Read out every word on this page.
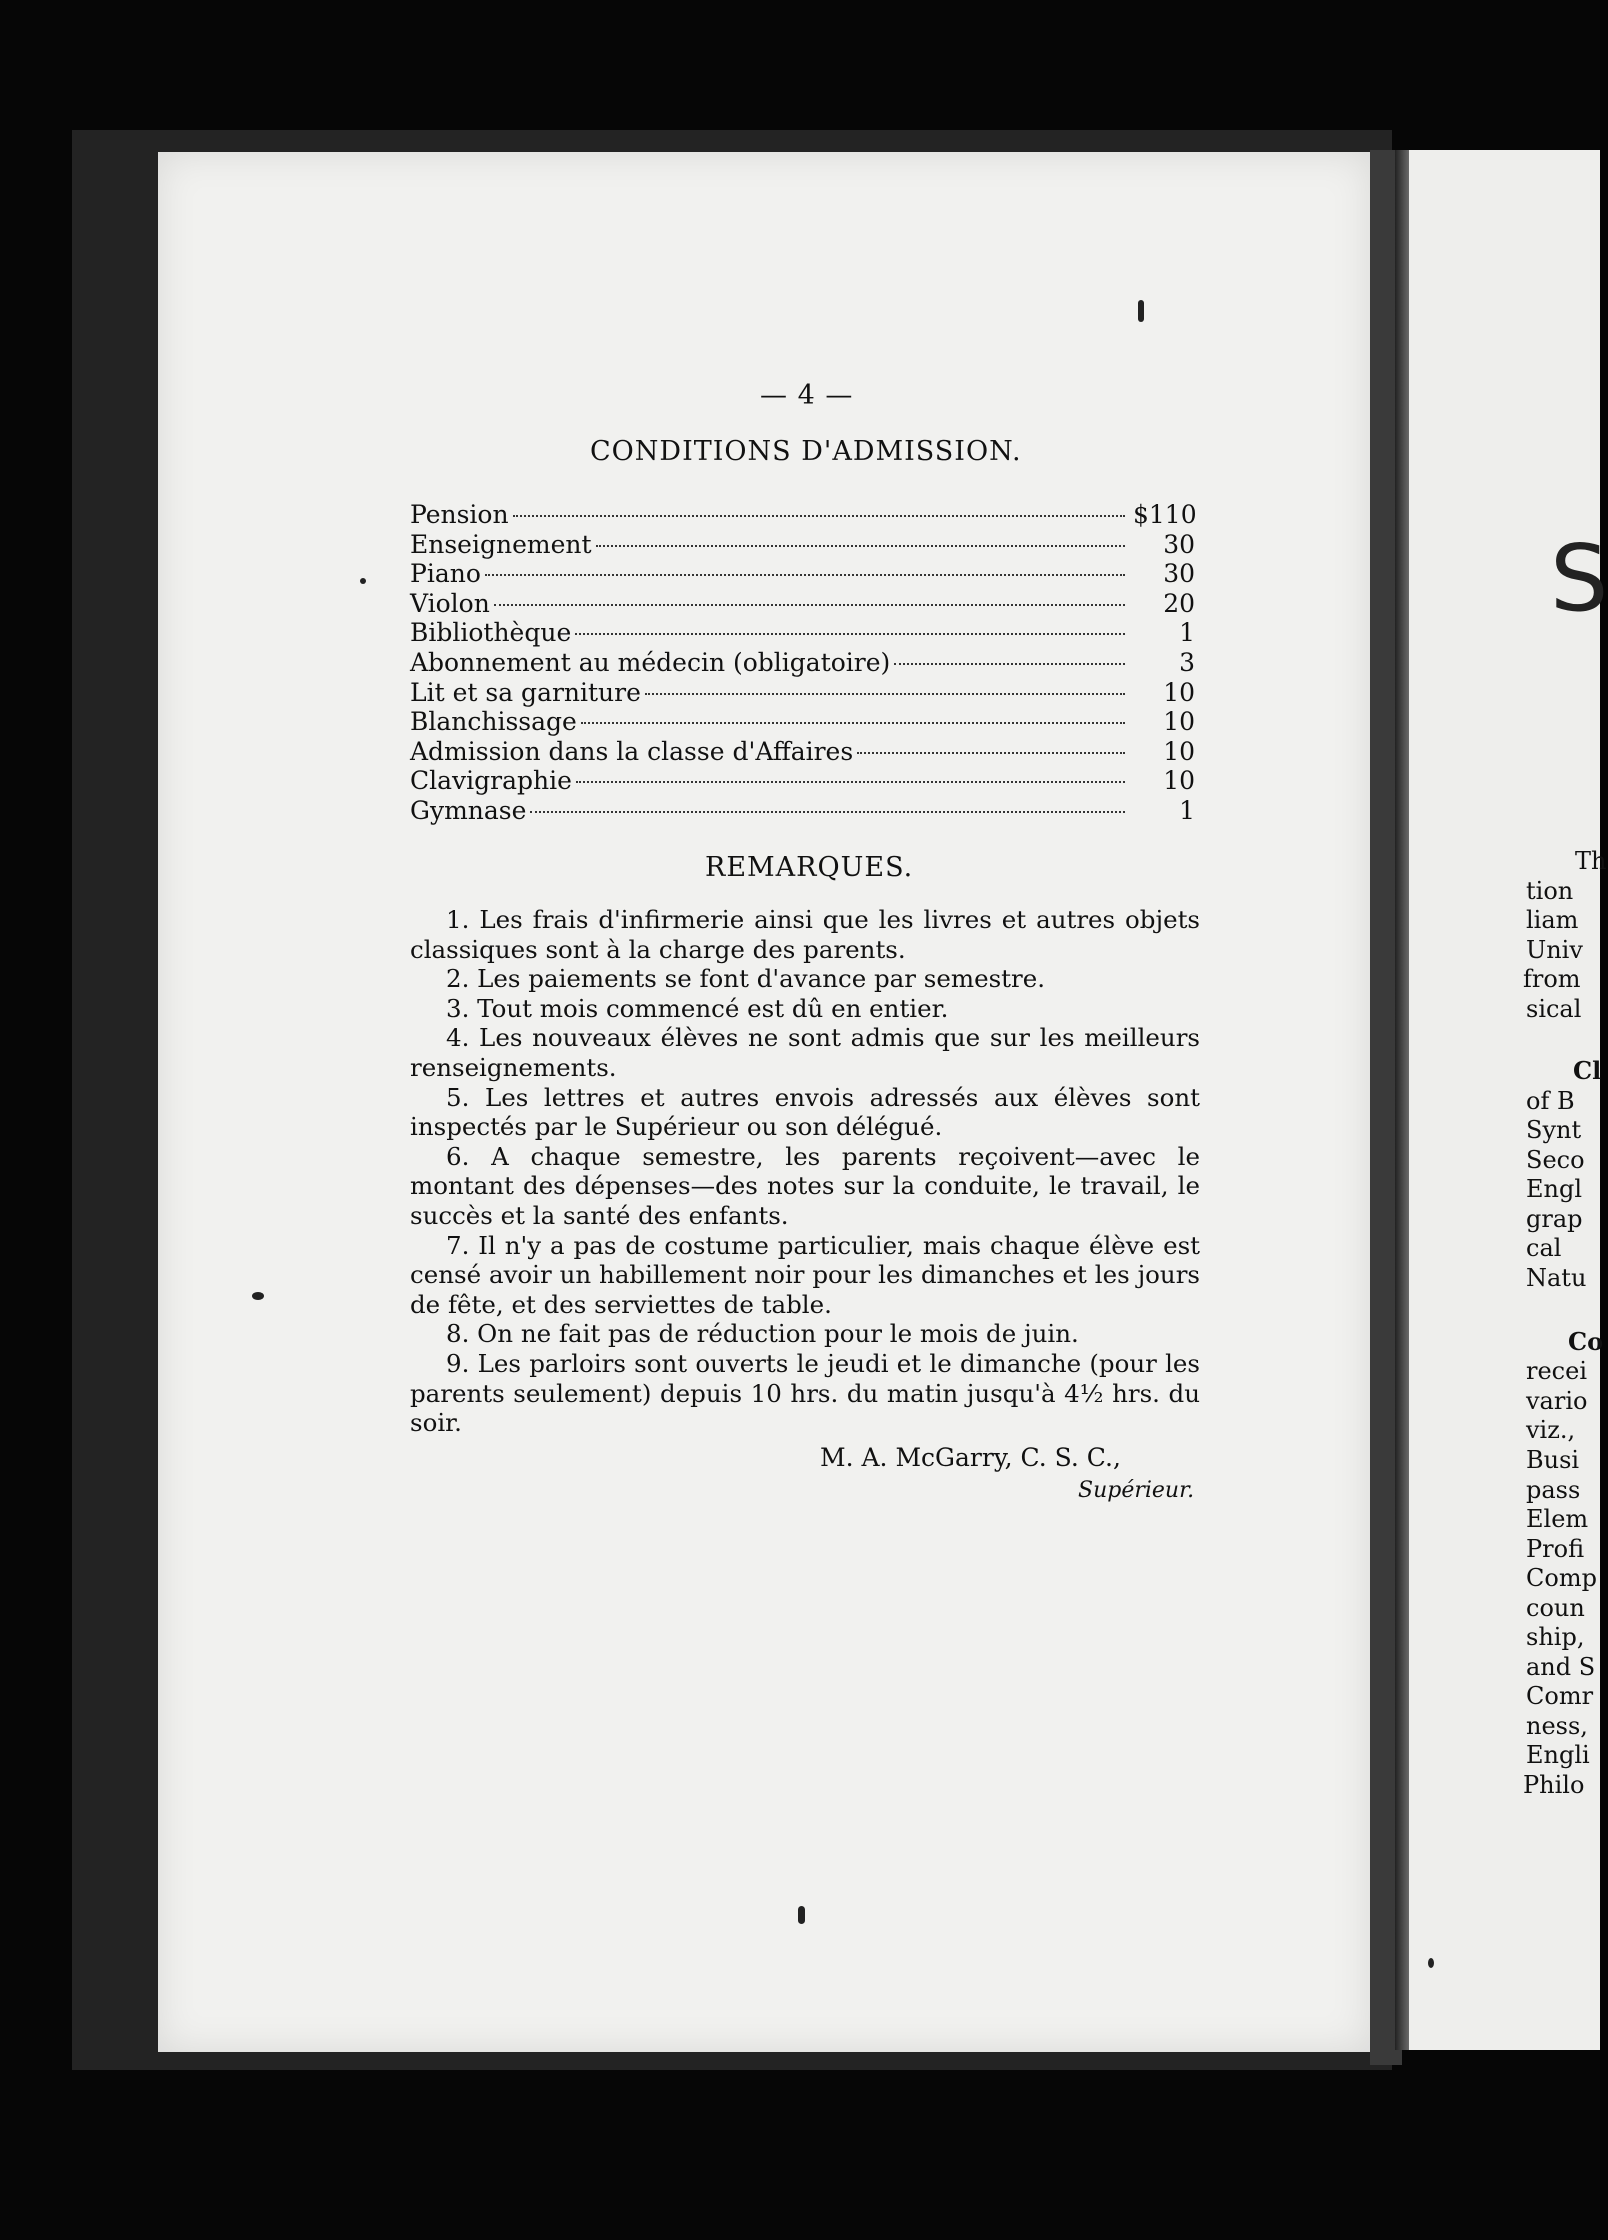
— 4 —
CONDITIONS D'ADMISSION.
Pension	$110
Enseignement	30
Piano	30
Violon	20
Bibliothèque	1
Abonnement au médecin (obligatoire)	3
Lit et sa garniture	10
Blanchissage	10
Admission dans la classe d'Affaires	10
Clavigraphie	10
Gymnase	1
REMARQUES.
1. Les frais d'infirmerie ainsi que les livres et autres objets classiques sont à la charge des parents.
2. Les paiements se font d'avance par semestre.
3. Tout mois commencé est dû en entier.
4. Les nouveaux élèves ne sont admis que sur les meilleurs renseignements.
5. Les lettres et autres envois adressés aux élèves sont inspectés par le Supérieur ou son délégué.
6. A chaque semestre, les parents reçoivent—avec le montant des dépenses—des notes sur la conduite, le travail, le succès et la santé des enfants.
7. Il n'y a pas de costume particulier, mais chaque élève est censé avoir un habillement noir pour les dimanches et les jours de fête, et des serviettes de table.
8. On ne fait pas de réduction pour le mois de juin.
9. Les parloirs sont ouverts le jeudi et le dimanche (pour les parents seulement) depuis 10 hrs. du matin jusqu'à 4½ hrs. du soir.
M. A. McGarry, C. S. C.,
Supérieur.
S
Th
tion
liam
Univ
from
sical
Cl
of B
Synt
Seco
Engl
grap
cal
Natu
Co
recei
vario
viz.,
Busi
pass
Elem
Profi
Comp
coun
ship,
and S
Comr
ness,
Engli
Philo
